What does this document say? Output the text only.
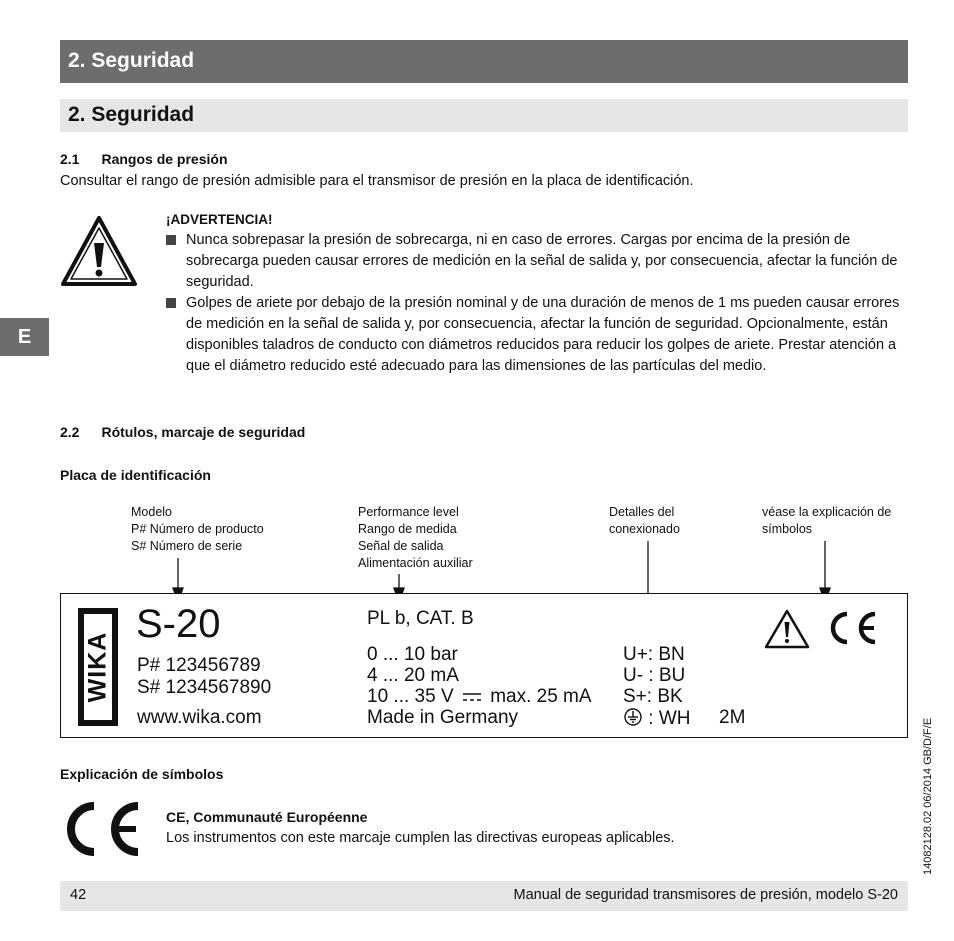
2. Seguridad
2. Seguridad
E
2.1 Rangos de presión
Consultar el rango de presión admisible para el transmisor de presión en la placa de identificación.
¡ADVERTENCIA!
Nunca sobrepasar la presión de sobrecarga, ni en caso de errores. Cargas por encima de la presión de sobrecarga pueden causar errores de medición en la señal de salida y, por consecuencia, afectar la función de seguridad.
Golpes de ariete por debajo de la presión nominal y de una duración de menos de 1 ms pueden causar errores de medición en la señal de salida y, por consecuencia, afectar la función de seguridad. Opcionalmente, están disponibles taladros de conducto con diámetros reducidos para reducir los golpes de ariete. Prestar atención a que el diámetro reducido esté adecuado para las dimensiones de las partículas del medio.
2.2 Rótulos, marcaje de seguridad
Placa de identificación
Modelo
P# Número de producto
S# Número de serie
Performance level
Rango de medida
Señal de salida
Alimentación auxiliar
Detalles del
conexionado
véase la explicación de
símbolos
WIKA
S-20
P# 123456789
S# 1234567890
www.wika.com
PL b, CAT. B
0 ... 10 bar
4 ... 20 mA
10 ... 35 V max. 25 mA
Made in Germany
U+: BN
U- : BU
S+: BK
: WH 2M
Explicación de símbolos
CE, Communauté Européenne
Los instrumentos con este marcaje cumplen las directivas europeas aplicables.
42	Manual de seguridad transmisores de presión, modelo S-20
14082128.02 06/2014 GB/D/F/E
